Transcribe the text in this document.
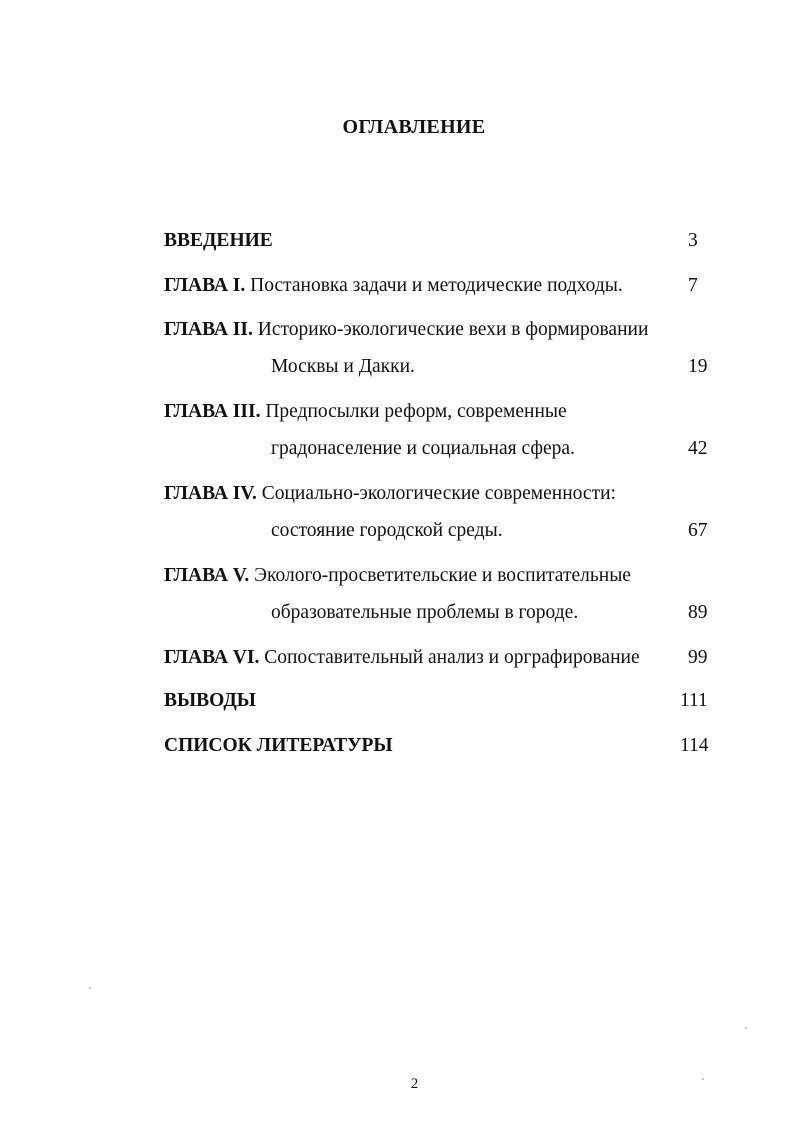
ОГЛАВЛЕНИЕ
ВВЕДЕНИЕ	3
ГЛАВА I. Постановка задачи и методические подходы.	7
ГЛАВА II. Историко-экологические вехи в формировании
Москвы и Дакки.	19
ГЛАВА III. Предпосылки реформ, современные
градонаселение и социальная сфера.	42
ГЛАВА IV. Социально-экологические современности:
состояние городской среды.	67
ГЛАВА V. Эколого-просветительские и воспитательные
образовательные проблемы в городе.	89
ГЛАВА VI. Сопоставительный анализ и орграфирование 99
ВЫВОДЫ	111
СПИСОК ЛИТЕРАТУРЫ	114
2
